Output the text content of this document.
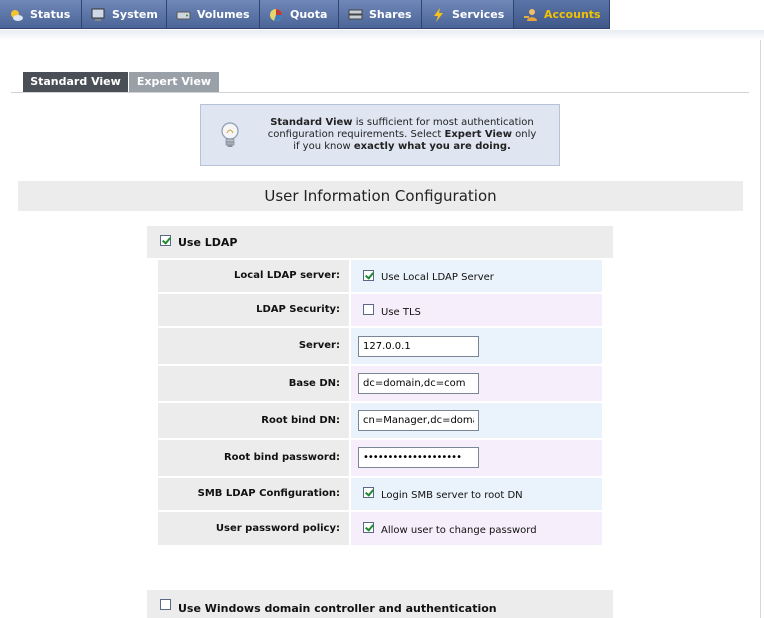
Status	System	Volumes	Quota	Shares	Services	Accounts
Standard View	Expert View
Standard View is sufficient for most authentication
configuration requirements. Select Expert View only
if you know exactly what you are doing.
User Information Configuration
Use LDAP
Local LDAP server:	Use Local LDAP Server
LDAP Security:	Use TLS
Server:
127.0.0.1
Base DN:
dc=domain,dc=com
Root bind DN:
cn=Manager,dc=domain,dc=com
Root bind password:
••••••••••••••••••••
SMB LDAP Configuration:	Login SMB server to root DN
User password policy:	Allow user to change password
Use Windows domain controller and authentication
